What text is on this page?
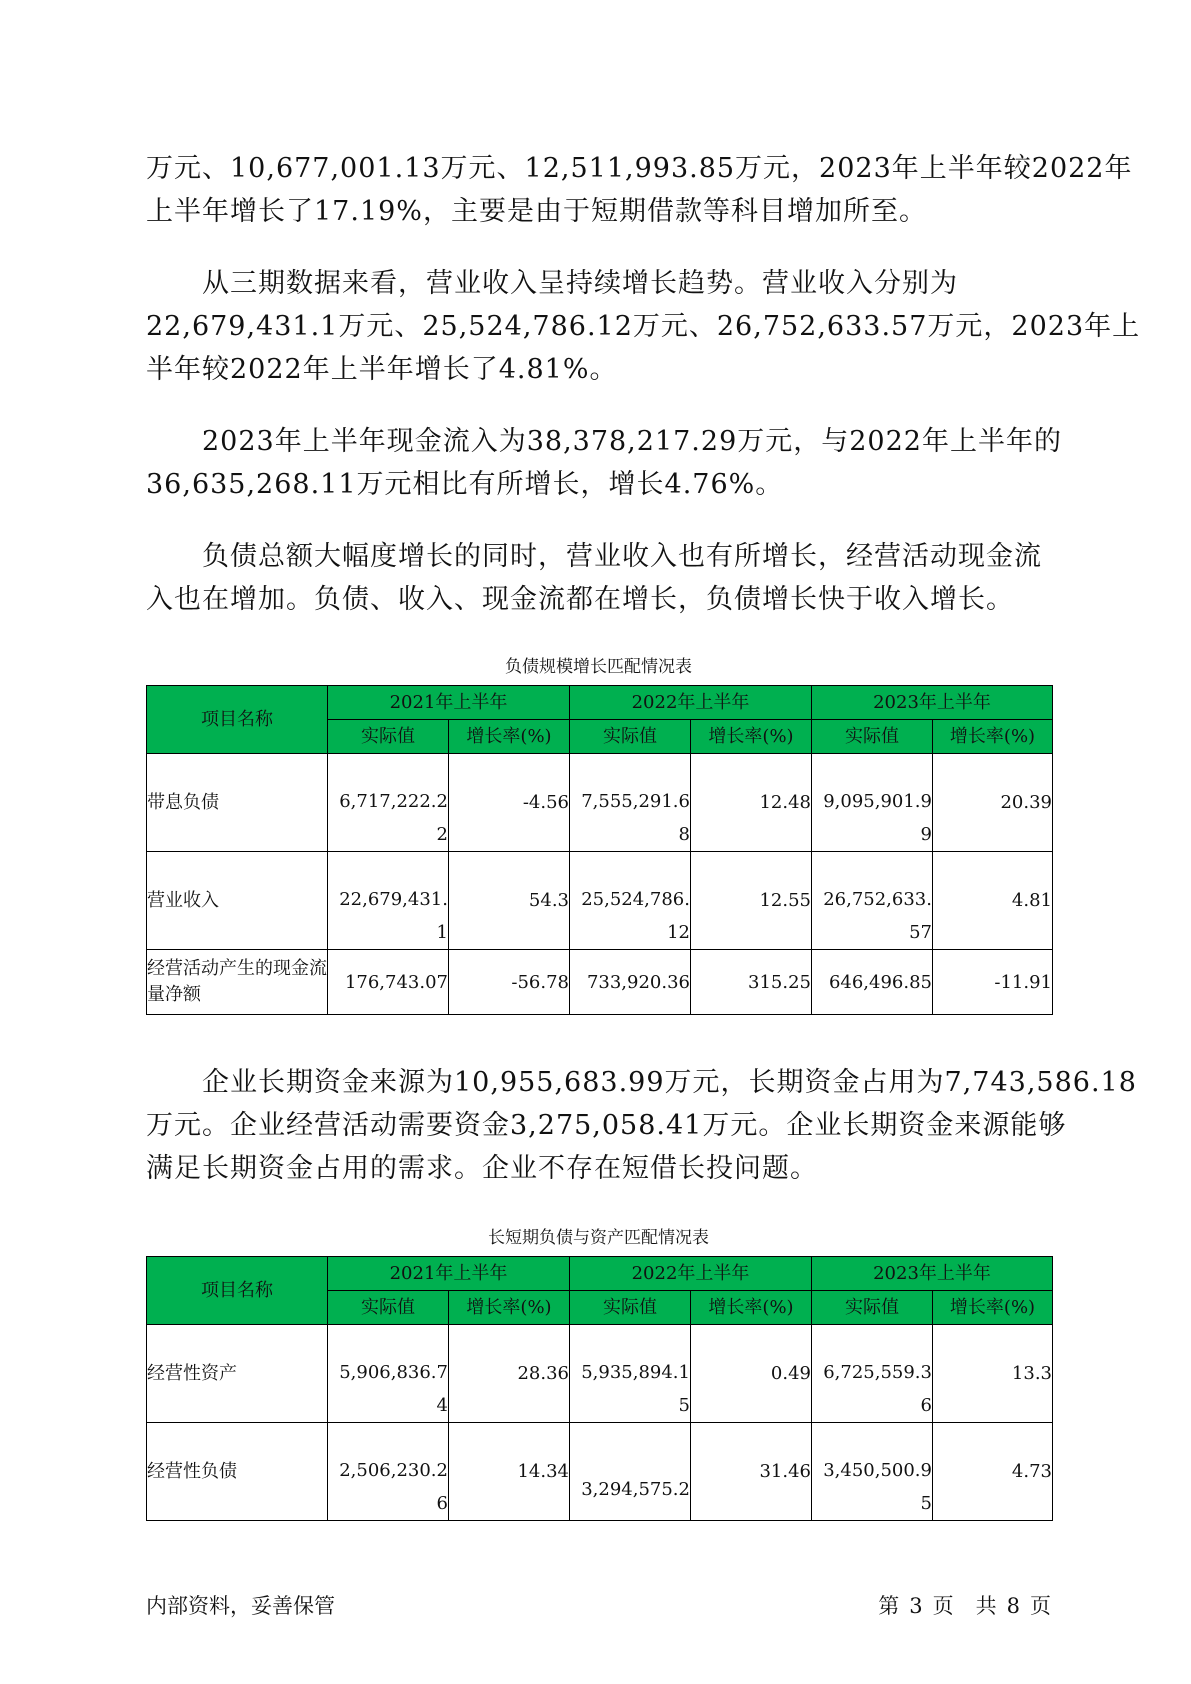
万元、10,677,001.13万元、12,511,993.85万元，2023年上半年较2022年
上半年增长了17.19%，主要是由于短期借款等科目增加所至。
　　从三期数据来看，营业收入呈持续增长趋势。营业收入分别为
22,679,431.1万元、25,524,786.12万元、26,752,633.57万元，2023年上
半年较2022年上半年增长了4.81%。
　　2023年上半年现金流入为38,378,217.29万元，与2022年上半年的
36,635,268.11万元相比有所增长，增长4.76%。
　　负债总额大幅度增长的同时，营业收入也有所增长，经营活动现金流
入也在增加。负债、收入、现金流都在增长，负债增长快于收入增长。
负债规模增长匹配情况表
项目名称	2021年上半年		2022年上半年		2023年上半年	
	实际值	增长率(%)	实际值	增长率(%)	实际值	增长率(%)
带息负债	6,717,222.22	-4.56	7,555,291.68	12.48	9,095,901.99	20.39
营业收入	22,679,431.1	54.3	25,524,786.12	12.55	26,752,633.57	4.81
经营活动产生的现金流量净额	176,743.07	-56.78	733,920.36	315.25	646,496.85	-11.91
　　企业长期资金来源为10,955,683.99万元，长期资金占用为7,743,586.18
万元。企业经营活动需要资金3,275,058.41万元。企业长期资金来源能够
满足长期资金占用的需求。企业不存在短借长投问题。
长短期负债与资产匹配情况表
项目名称	2021年上半年		2022年上半年		2023年上半年	
	实际值	增长率(%)	实际值	增长率(%)	实际值	增长率(%)
经营性资产	5,906,836.74	28.36	5,935,894.15	0.49	6,725,559.36	13.3
经营性负债	2,506,230.26	14.34	3,294,575.2	31.46	3,450,500.95	4.73
内部资料，妥善保管	第 3 页 共 8 页
